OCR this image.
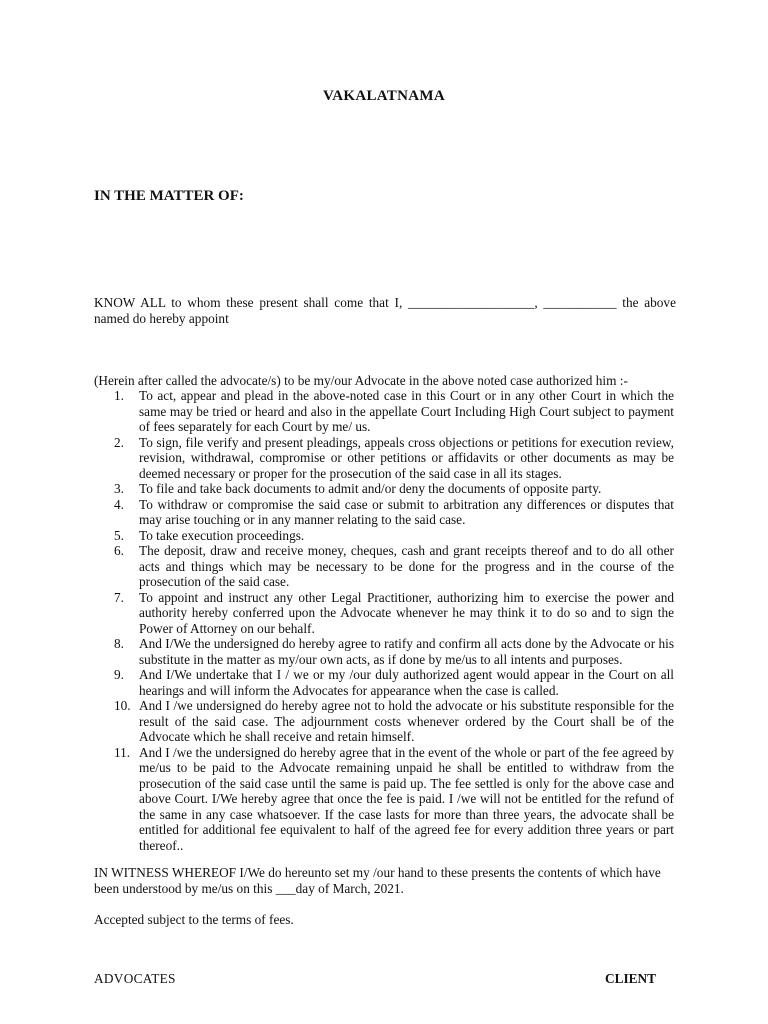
VAKALATNAMA
IN THE MATTER OF:
KNOW ALL to whom these present shall come that I, ___________________, ___________ the above named do hereby appoint
(Herein after called the advocate/s) to be my/our Advocate in the above noted case authorized him :-
1. To act, appear and plead in the above-noted case in this Court or in any other Court in which the same may be tried or heard and also in the appellate Court Including High Court subject to payment of fees separately for each Court by me/ us.
2. To sign, file verify and present pleadings, appeals cross objections or petitions for execution review, revision, withdrawal, compromise or other petitions or affidavits or other documents as may be deemed necessary or proper for the prosecution of the said case in all its stages.
3. To file and take back documents to admit and/or deny the documents of opposite party.
4. To withdraw or compromise the said case or submit to arbitration any differences or disputes that may arise touching or in any manner relating to the said case.
5. To take execution proceedings.
6. The deposit, draw and receive money, cheques, cash and grant receipts thereof and to do all other acts and things which may be necessary to be done for the progress and in the course of the prosecution of the said case.
7. To appoint and instruct any other Legal Practitioner, authorizing him to exercise the power and authority hereby conferred upon the Advocate whenever he may think it to do so and to sign the Power of Attorney on our behalf.
8. And I/We the undersigned do hereby agree to ratify and confirm all acts done by the Advocate or his substitute in the matter as my/our own acts, as if done by me/us to all intents and purposes.
9. And I/We undertake that I / we or my /our duly authorized agent would appear in the Court on all hearings and will inform the Advocates for appearance when the case is called.
10. And I /we undersigned do hereby agree not to hold the advocate or his substitute responsible for the result of the said case. The adjournment costs whenever ordered by the Court shall be of the Advocate which he shall receive and retain himself.
11. And I /we the undersigned do hereby agree that in the event of the whole or part of the fee agreed by me/us to be paid to the Advocate remaining unpaid he shall be entitled to withdraw from the prosecution of the said case until the same is paid up. The fee settled is only for the above case and above Court. I/We hereby agree that once the fee is paid. I /we will not be entitled for the refund of the same in any case whatsoever. If the case lasts for more than three years, the advocate shall be entitled for additional fee equivalent to half of the agreed fee for every addition three years or part thereof..
IN WITNESS WHEREOF I/We do hereunto set my /our hand to these presents the contents of which have been understood by me/us on this ___day of March, 2021.
Accepted subject to the terms of fees.
ADVOCATES	CLIENT
